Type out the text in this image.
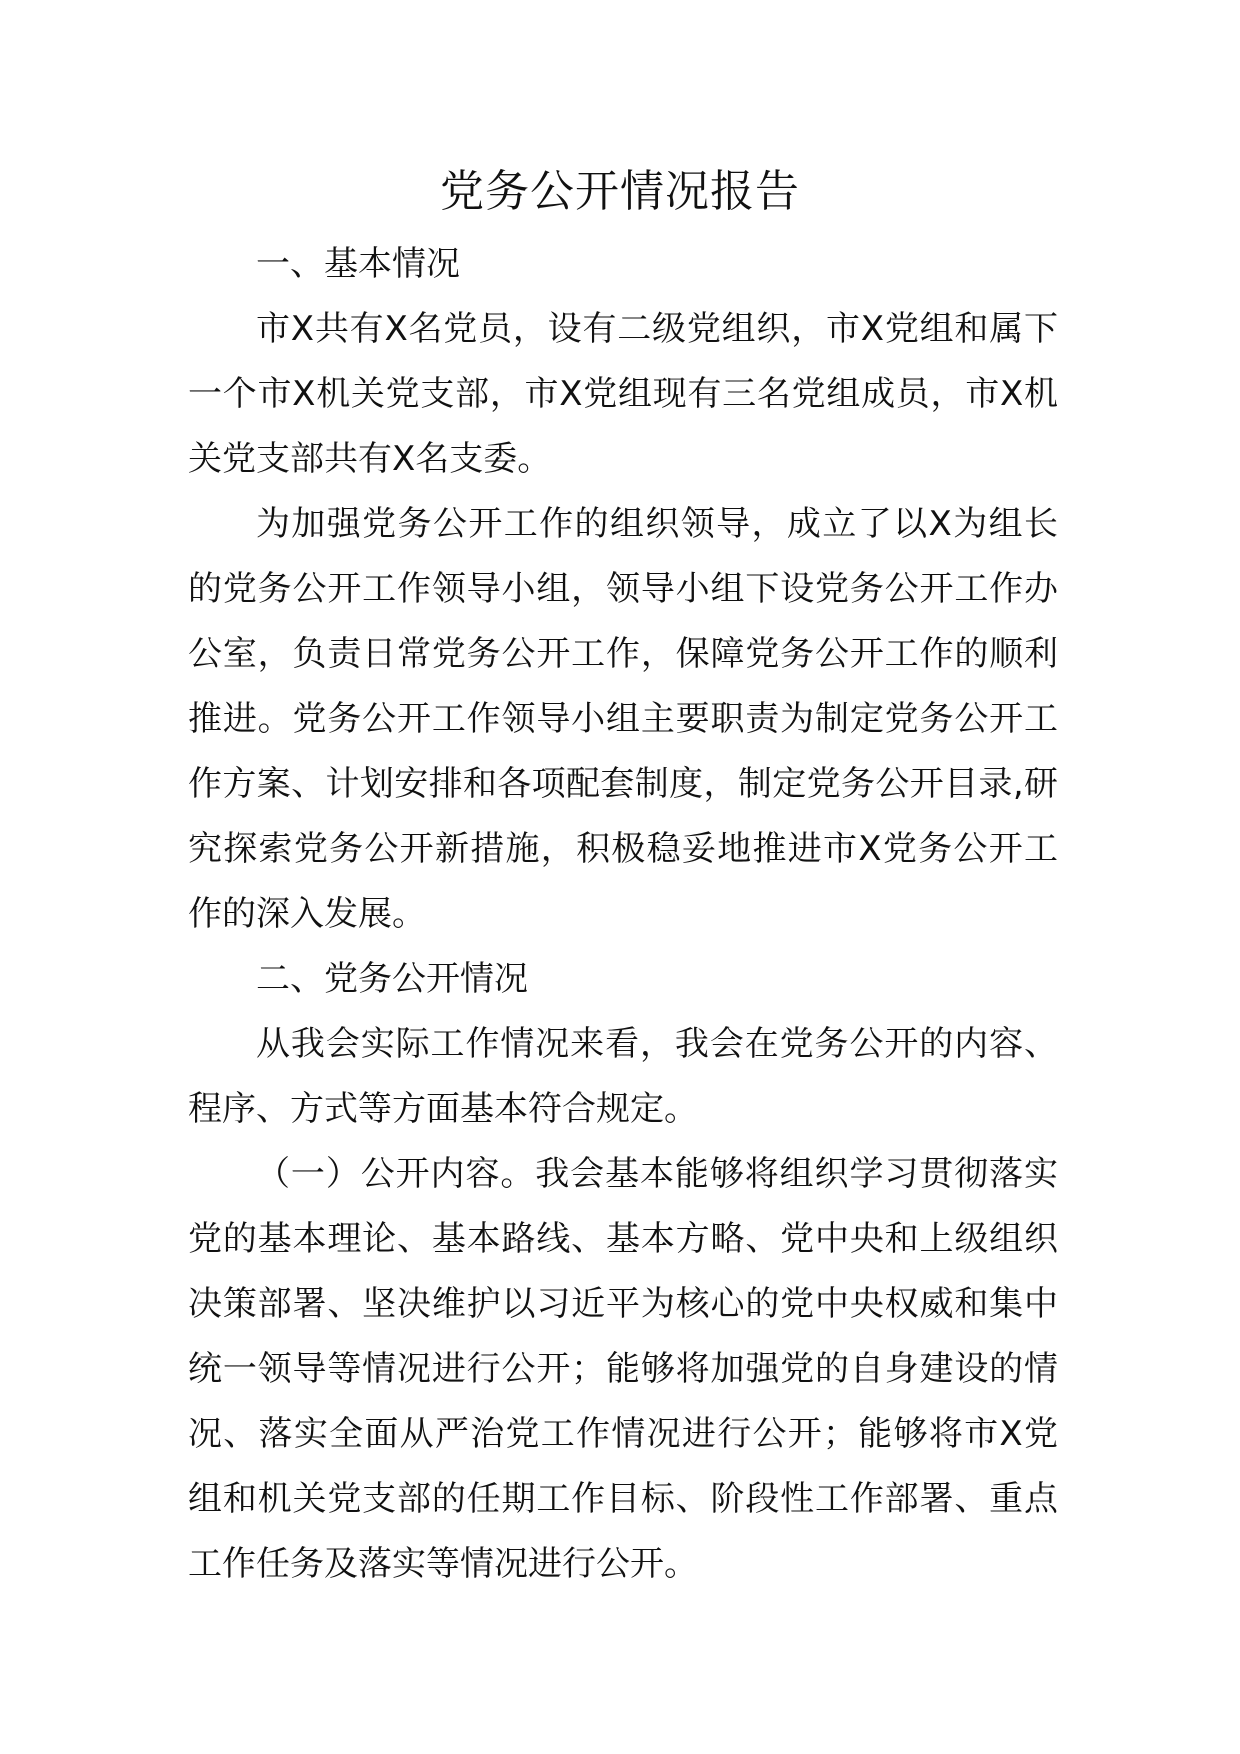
党务公开情况报告
一、基本情况

市X共有X名党员，设有二级党组织，市X党组和属下一个市X机关党支部，市X党组现有三名党组成员，市X机关党支部共有X名支委。

为加强党务公开工作的组织领导，成立了以X为组长的党务公开工作领导小组，领导小组下设党务公开工作办公室，负责日常党务公开工作，保障党务公开工作的顺利推进。党务公开工作领导小组主要职责为制定党务公开工作方案、计划安排和各项配套制度，制定党务公开目录,研究探索党务公开新措施，积极稳妥地推进市X党务公开工作的深入发展。

二、党务公开情况

从我会实际工作情况来看，我会在党务公开的内容、程序、方式等方面基本符合规定。

（一）公开内容。我会基本能够将组织学习贯彻落实党的基本理论、基本路线、基本方略、党中央和上级组织决策部署、坚决维护以习近平为核心的党中央权威和集中统一领导等情况进行公开；能够将加强党的自身建设的情况、落实全面从严治党工作情况进行公开；能够将市X党组和机关党支部的任期工作目标、阶段性工作部署、重点工作任务及落实等情况进行公开。
